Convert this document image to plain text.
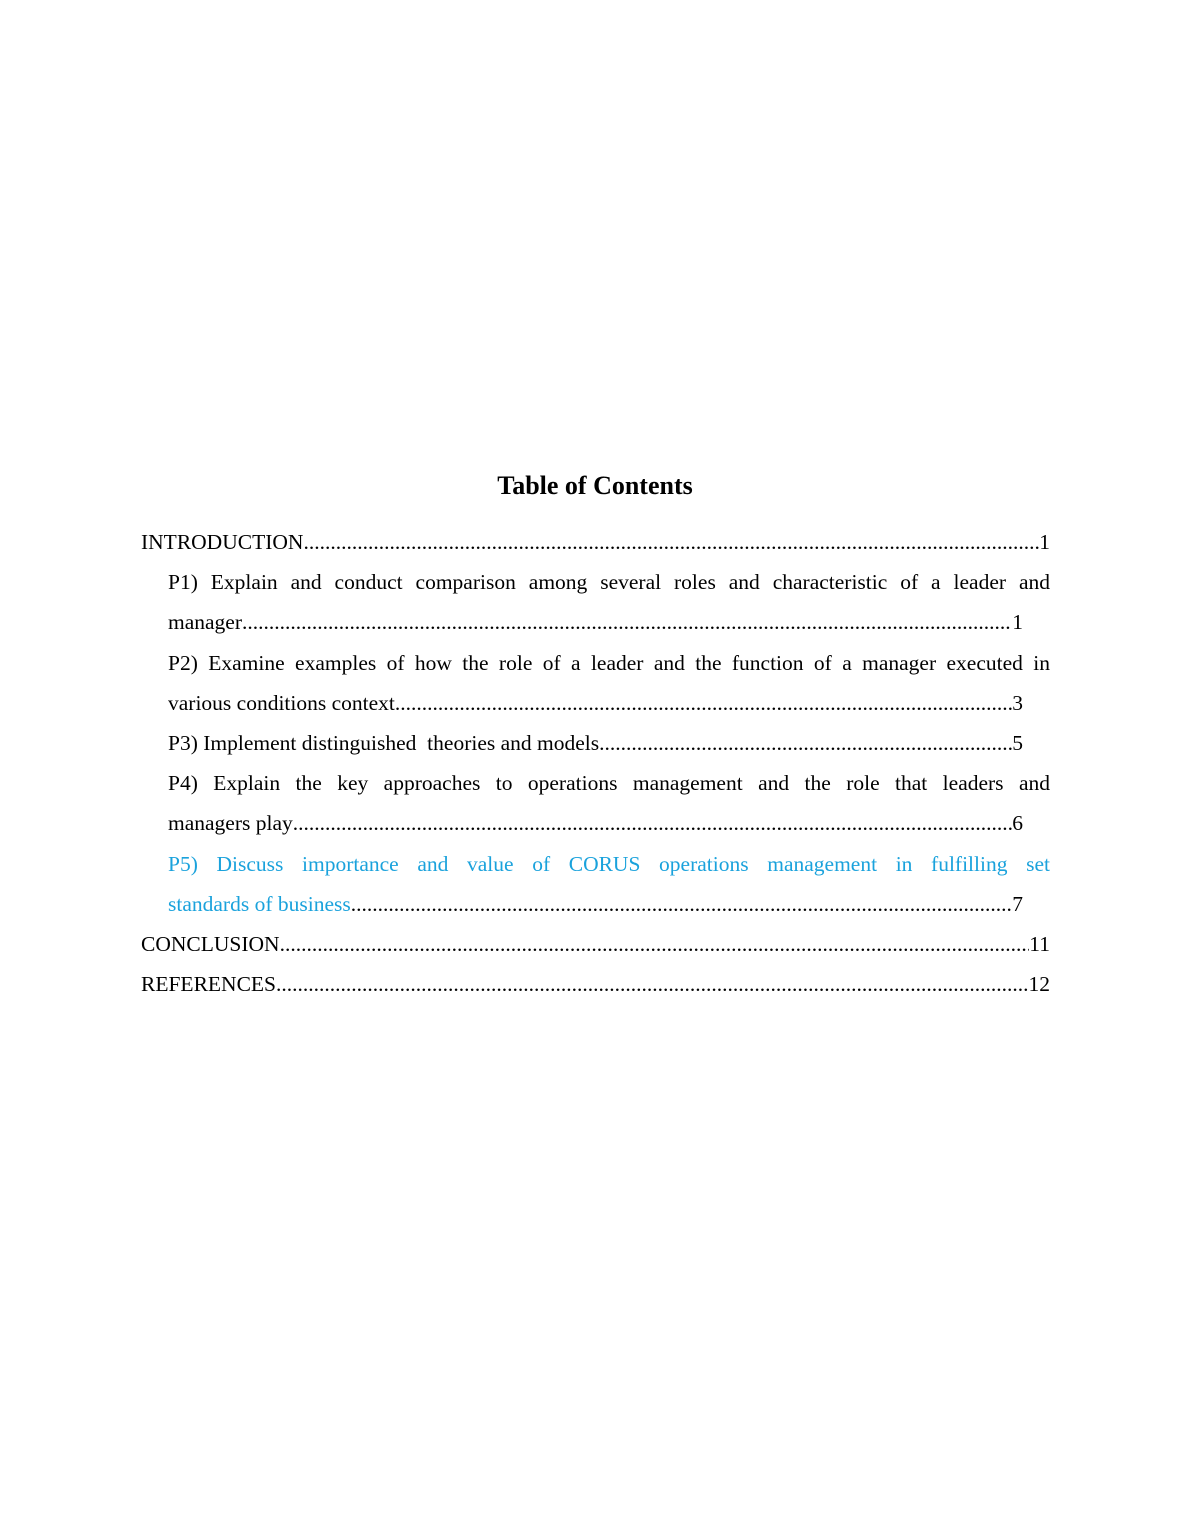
Table of Contents
INTRODUCTION .....	1
P1) Explain and conduct comparison among several roles and characteristic of a leader and
manager .....	1
P2) Examine examples of how the role of a leader and the function of a manager executed in
various conditions context .....	3
P3) Implement distinguished  theories and models .....	5
P4) Explain the key approaches to operations management and the role that leaders and
managers play .....	6
P5) Discuss importance and value of CORUS operations management in fulfilling set
standards of business .....	7
CONCLUSION .....	11
REFERENCES .....	12
